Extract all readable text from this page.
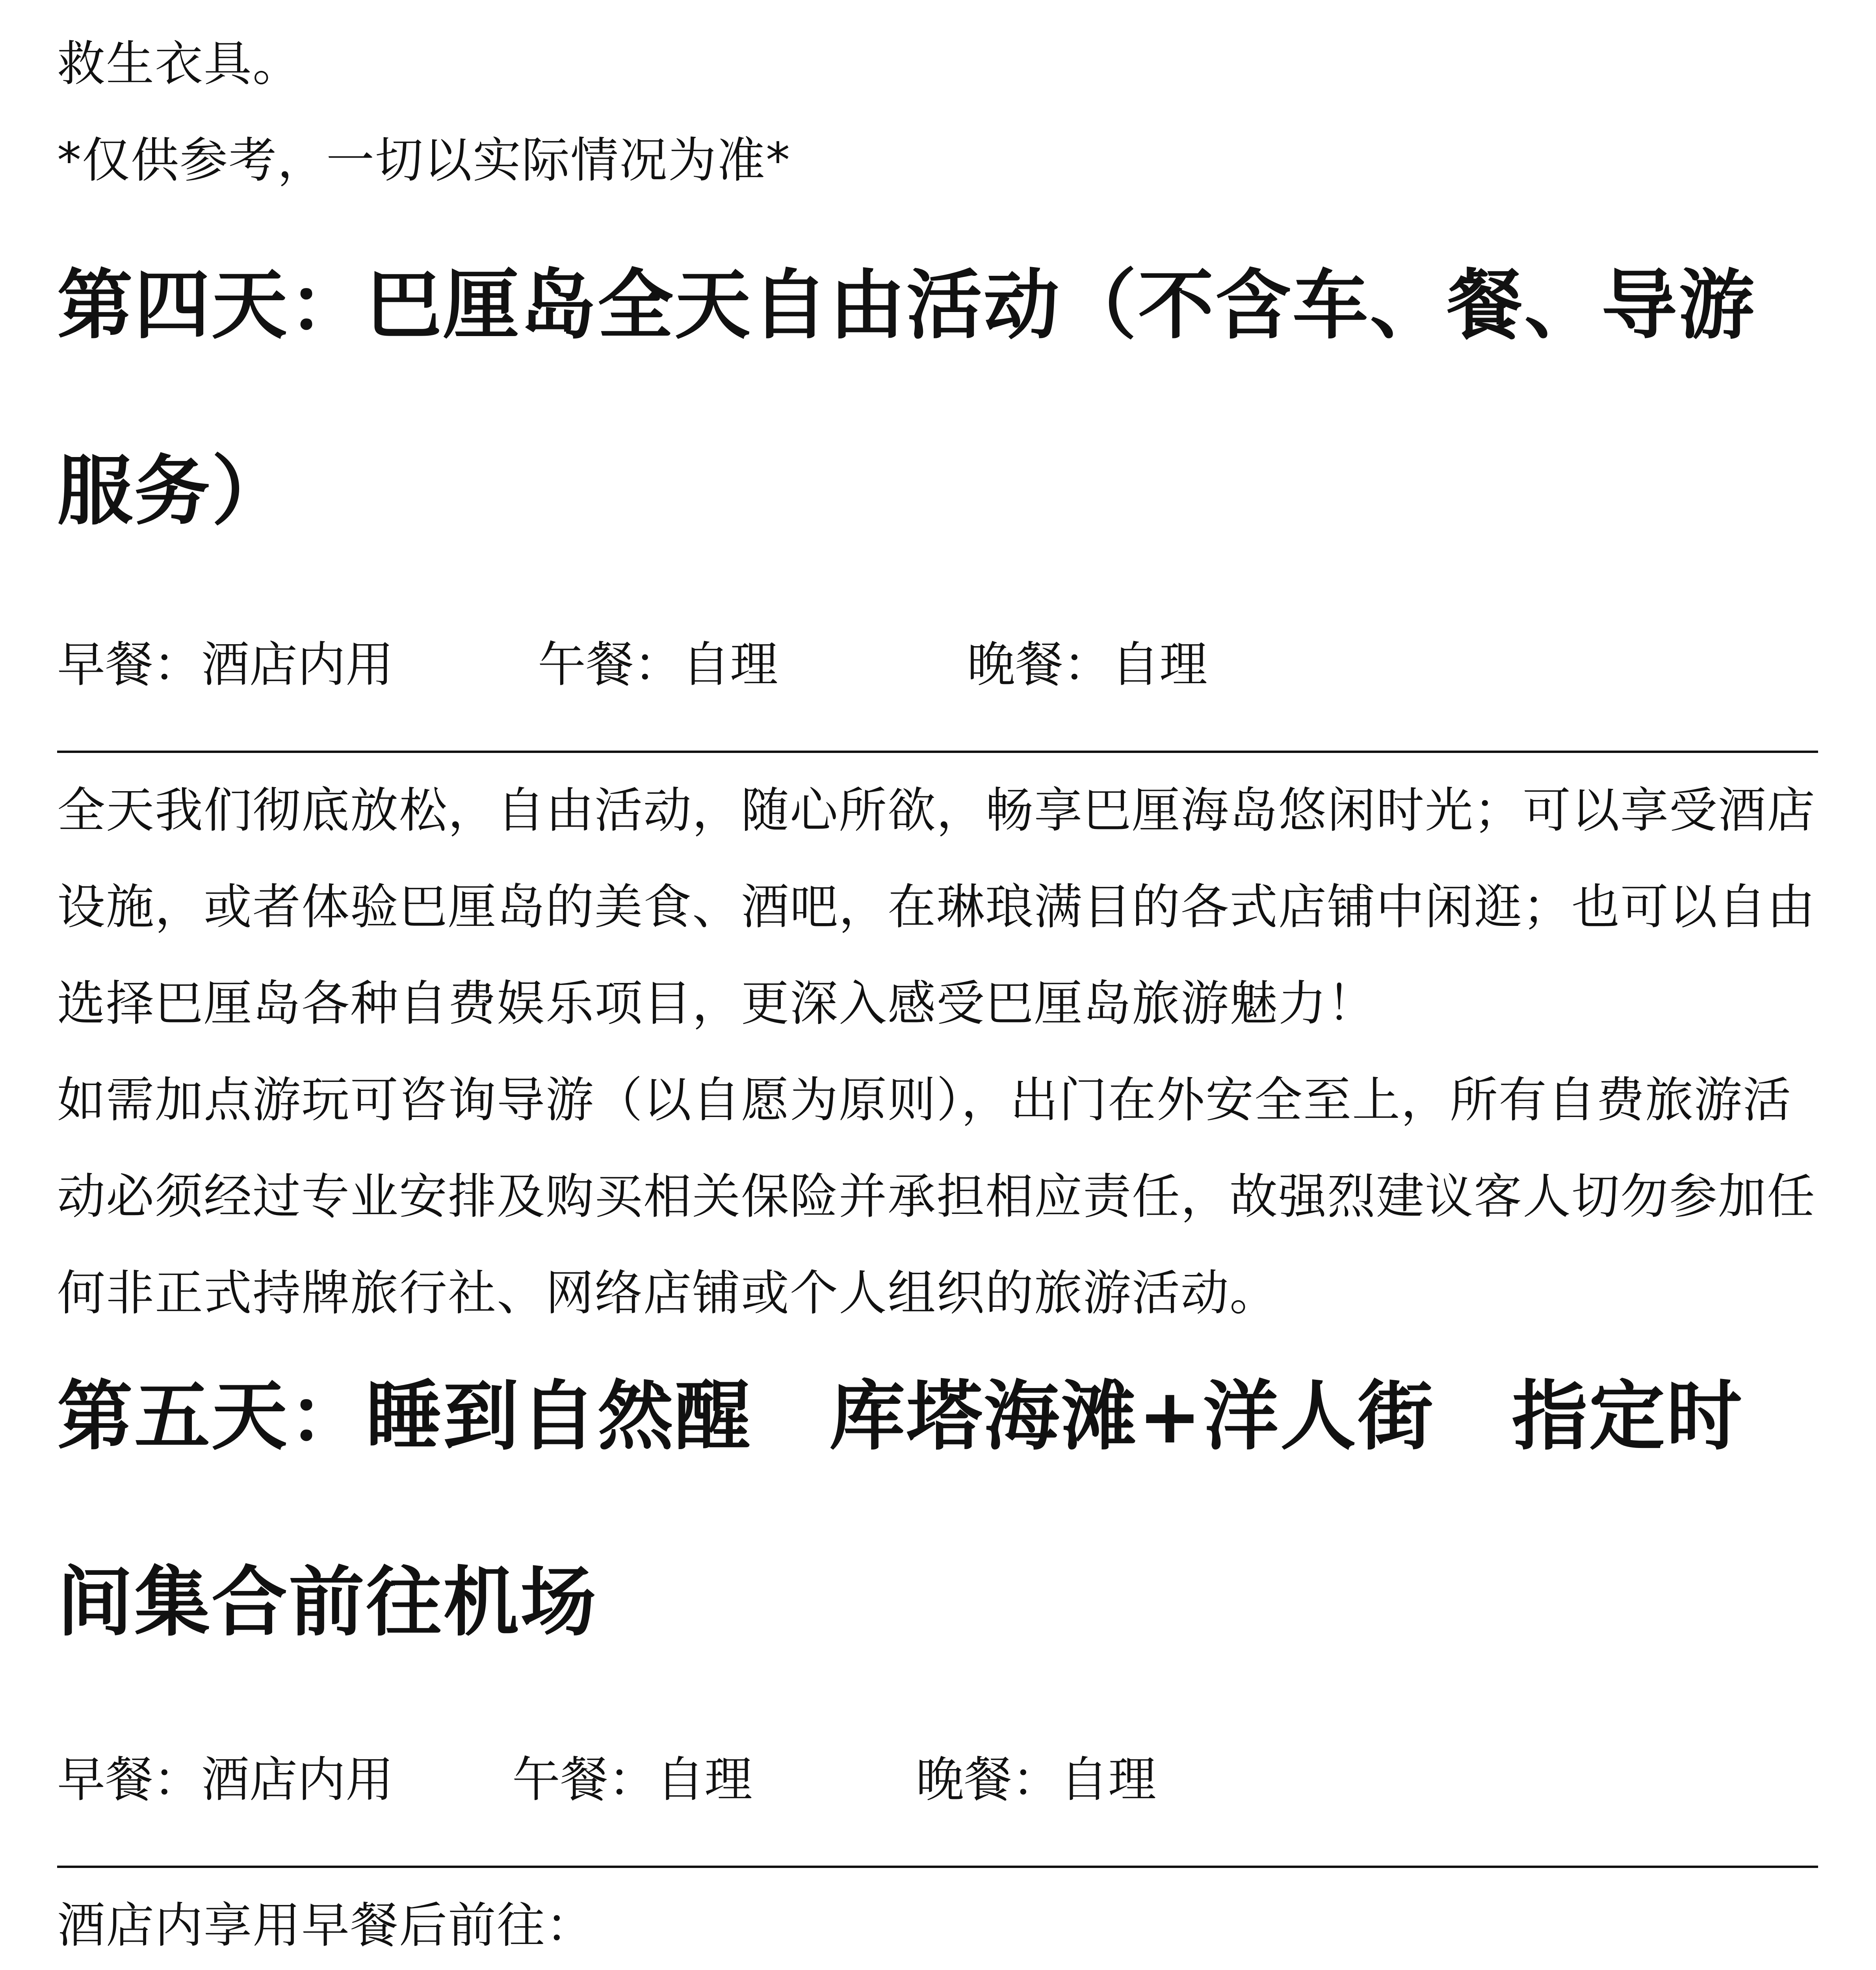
救生衣具。

*仅供参考，一切以实际情况为准*

第四天：巴厘岛全天自由活动（不含车、餐、导游服务）
早餐：酒店内用	午餐：自理	晚餐：自理

全天我们彻底放松，自由活动，随心所欲，畅享巴厘海岛悠闲时光；可以享受酒店设施，或者体验巴厘岛的美食、酒吧，在琳琅满目的各式店铺中闲逛；也可以自由选择巴厘岛各种自费娱乐项目，更深入感受巴厘岛旅游魅力！

如需加点游玩可咨询导游（以自愿为原则），出门在外安全至上，所有自费旅游活动必须经过专业安排及购买相关保险并承担相应责任，故强烈建议客人切勿参加任何非正式持牌旅行社、网络店铺或个人组织的旅游活动。

第五天：睡到自然醒　库塔海滩+洋人街　指定时间集合前往机场
早餐：酒店内用 午餐：自理	晚餐：自理

酒店内享用早餐后前往：
